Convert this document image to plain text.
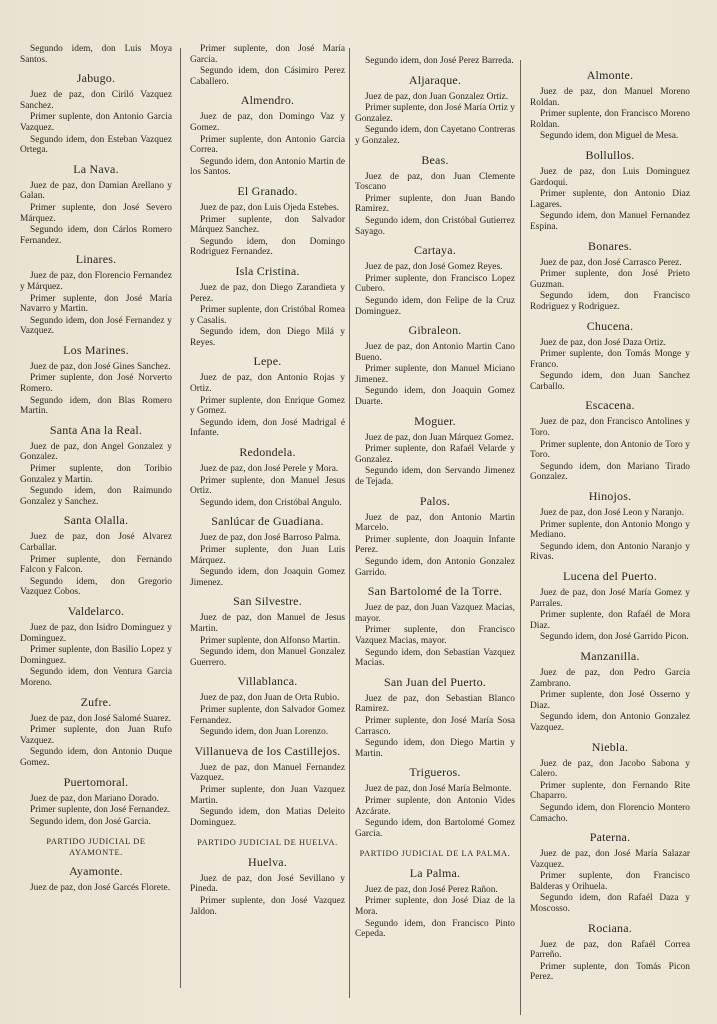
Segundo idem, don Luis Moya Santos.
Jabugo.
Juez de paz, don Ciriló Vazquez Sanchez.
Primer suplente, don Antonio Garcia Vazquez.
Segundo idem, don Esteban Vazquez Ortega.
La Nava.
Juez de paz, don Damian Arellano y Galan.
Primer suplente, don José Severo Márquez.
Segundo idem, don Cárlos Romero Fernandez.
Linares.
Juez de paz, don Florencio Fernandez y Márquez.
Primer suplente, don José María Navarro y Martin.
Segundo idem, don José Fernandez y Vazquez.
Los Marines.
Juez de paz, don José Gines Sanchez.
Primer suplente, don José Norverto Romero.
Segundo idem, don Blas Romero Martin.
Santa Ana la Real.
Juez de paz, don Angel Gonzalez y Gonzalez.
Primer suplente, don Toribio Gonzalez y Martin.
Segundo idem, don Raimundo Gonzalez y Sanchez.
Santa Olalla.
Juez de paz, don José Alvarez Carballar.
Primer suplente, don Fernando Falcon y Falcon.
Segundo idem, don Gregorio Vazquez Cobos.
Valdelarco.
Juez de paz, don Isidro Dominguez y Dominguez.
Primer suplente, don Basilio Lopez y Dominguez.
Segundo idem, don Ventura Garcia Moreno.
Zufre.
Juez de paz, don José Salomé Suarez.
Primer suplente, don Juan Rufo Vazquez.
Segundo idem, don Antonio Duque Gomez.
Puertomoral.
Juez de paz, don Mariano Dorado.
Primer suplente, don José Fernandez.
Segundo idem, don José Garcia.
PARTIDO JUDICIAL DE AYAMONTE.
Ayamonte.
Juez de paz, don José Garcés Florete.
Primer suplente, don José María Garcia.
Segundo idem, don Cásimiro Perez Caballero.
Almendro.
Juez de paz, don Domingo Vaz y Gomez.
Primer suplente, don Antonio Garcia Correa.
Segundo idem, don Antonio Martin de los Santos.
El Granado.
Juez de paz, don Luis Ojeda Estebes.
Primer suplente, don Salvador Márquez Sanchez.
Segundo idem, don Domingo Rodriguez Fernandez.
Isla Cristina.
Juez de paz, don Diego Zarandieta y Perez.
Primer suplente, don Cristóbal Romea y Casalis.
Segundo idem, don Diego Milá y Reyes.
Lepe.
Juez de paz, don Antonio Rojas y Ortiz.
Primer suplente, don Enrique Gomez y Gomez.
Segundo idem, don José Madrigal é Infante.
Redondela.
Juez de paz, don José Perele y Mora.
Primer suplente, don Manuel Jesus Ortiz.
Segundo idem, don Cristóbal Angulo.
Sanlúcar de Guadiana.
Juez de paz, don José Barroso Palma.
Primer suplente, don Juan Luis Márquez.
Segundo idem, don Joaquin Gomez Jimenez.
San Silvestre.
Juez de paz, don Manuel de Jesus Martin.
Primer suplente, don Alfonso Martin.
Segundo idem, don Manuel Gonzalez Guerrero.
Villablanca.
Juez de paz, don Juan de Orta Rubio.
Primer suplente, don Salvador Gomez Fernandez.
Segundo idem, don Juan Lorenzo.
Villanueva de los Castillejos.
Juez de paz, don Manuel Fernandez Vazquez.
Primer suplente, don Juan Vazquez Martin.
Segundo idem, don Matias Deleito Dominguez.
PARTIDO JUDICIAL DE HUELVA.
Huelva.
Juez de paz, don José Sevillano y Pineda.
Primer suplente, don José Vazquez Jaldon.
Segundo idem, don José Perez Barreda.
Aljaraque.
Juez de paz, don Juan Gonzalez Ortiz.
Primer suplente, don José María Ortiz y Gonzalez.
Segundo idem, don Cayetano Contreras y Gonzalez.
Beas.
Juez de paz, don Juan Clemente Toscano
Primer suplente, don Juan Bando Ramirez.
Segundo idem, don Cristóbal Gutierrez Sayago.
Cartaya.
Juez de paz, don José Gomez Reyes.
Primer suplente, don Francisco Lopez Cubero.
Segundo idem, don Felipe de la Cruz Dominguez.
Gibraleon.
Juez de paz, don Antonio Martin Cano Bueno.
Primer suplente, don Manuel Miciano Jimenez.
Segundo idem, don Joaquin Gomez Duarte.
Moguer.
Juez de paz, don Juan Márquez Gomez.
Primer suplente, don Rafaél Velarde y Gonzalez.
Segundo idem, don Servando Jimenez de Tejada.
Palos.
Juez de paz, don Antonio Martin Marcelo.
Primer suplente, don Joaquin Infante Perez.
Segundo idem, don Antonio Gonzalez Garrido.
San Bartolomé de la Torre.
Juez de paz, don Juan Vazquez Macias, mayor.
Primer suplente, don Francisco Vazquez Macias, mayor.
Segundo idem, don Sebastian Vazquez Macias.
San Juan del Puerto.
Juez de paz, don Sebastian Blanco Ramirez.
Primer suplente, don José María Sosa Carrasco.
Segundo idem, don Diego Martin y Martin.
Trigueros.
Juez de paz, don José María Belmonte.
Primer suplente, don Antonio Vides Azcárate.
Segundo idem, don Bartolomé Gomez Garcia.
PARTIDO JUDICIAL DE LA PALMA.
La Palma.
Juez de paz, don José Perez Rañon.
Primer suplente, don José Diaz de la Mora.
Segundo idem, don Francisco Pinto Cepeda.
Almonte.
Juez de paz, don Manuel Moreno Roldan.
Primer suplente, don Francisco Moreno Roldan.
Segundo idem, don Miguel de Mesa.
Bollullos.
Juez de paz, don Luis Dominguez Gardoqui.
Primer suplente, don Antonio Diaz Lagares.
Segundo idem, don Manuel Fernandez Espina.
Bonares.
Juez de paz, don José Carrasco Perez.
Primer suplente, don José Prieto Guzman.
Segundo idem, don Francisco Rodriguez y Rodriguez.
Chucena.
Juez de paz, don José Daza Ortiz.
Primer suplente, don Tomás Monge y Franco.
Segundo idem, don Juan Sanchez Carballo.
Escacena.
Juez de paz, don Francisco Antolines y Toro.
Primer suplente, don Antonio de Toro y Toro.
Segundo idem, don Mariano Tirado Gonzalez.
Hinojos.
Juez de paz, don José Leon y Naranjo.
Primer suplente, don Antonio Mongo y Mediano.
Segundo idem, don Antonio Naranjo y Rivas.
Lucena del Puerto.
Juez de paz, don José María Gomez y Parrales.
Primer suplente, don Rafaél de Mora Diaz.
Segundo idem, don José Garrido Picon.
Manzanilla.
Juez de paz, don Pedro Garcia Zambrano.
Primer suplente, don José Osserno y Diaz.
Segundo idem, don Antonio Gonzalez Vazquez.
Niebla.
Juez de paz, don Jacobo Sabona y Calero.
Primer suplente, don Fernando Rite Chaparro.
Segundo idem, don Florencio Montero Camacho.
Paterna.
Juez de paz, don José María Salazar Vazquez.
Primer suplente, don Francisco Balderas y Orihuela.
Segundo idem, don Rafaél Daza y Moscosso.
Rociana.
Juez de paz, don Rafaél Correa Parreño.
Primer suplente, don Tomás Picon Perez.
